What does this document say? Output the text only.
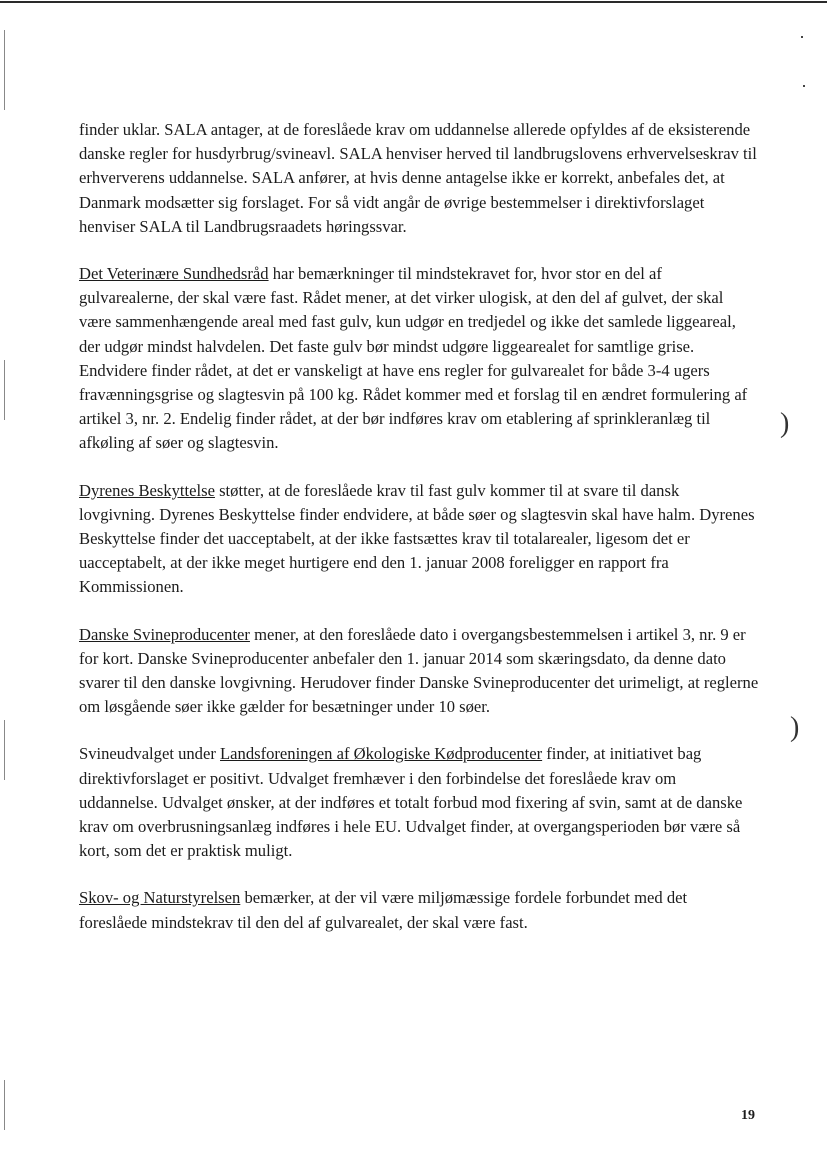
)
)

finder uklar. SALA antager, at de foreslåede krav om uddannelse allerede opfyldes af de eksisterende danske regler for husdyrbrug/svineavl. SALA henviser herved til landbrugslovens erhvervelseskrav til erhververens uddannelse. SALA anfører, at hvis denne antagelse ikke er korrekt, anbefales det, at Danmark modsætter sig forslaget. For så vidt angår de øvrige bestemmelser i direktivforslaget henviser SALA til Landbrugsraadets høringssvar.

Det Veterinære Sundhedsråd har bemærkninger til mindstekravet for, hvor stor en del af gulvarealerne, der skal være fast. Rådet mener, at det virker ulogisk, at den del af gulvet, der skal være sammenhængende areal med fast gulv, kun udgør en tredjedel og ikke det samlede liggeareal, der udgør mindst halvdelen. Det faste gulv bør mindst udgøre liggearealet for samtlige grise. Endvidere finder rådet, at det er vanskeligt at have ens regler for gulvarealet for både 3-4 ugers fravænningsgrise og slagtesvin på 100 kg. Rådet kommer med et forslag til en ændret formulering af artikel 3, nr. 2. Endelig finder rådet, at der bør indføres krav om etablering af sprinkleranlæg til afkøling af søer og slagtesvin.

Dyrenes Beskyttelse støtter, at de foreslåede krav til fast gulv kommer til at svare til dansk lovgivning. Dyrenes Beskyttelse finder endvidere, at både søer og slagtesvin skal have halm. Dyrenes Beskyttelse finder det uacceptabelt, at der ikke fastsættes krav til totalarealer, ligesom det er uacceptabelt, at der ikke meget hurtigere end den 1. januar 2008 foreligger en rapport fra Kommissionen.

Danske Svineproducenter mener, at den foreslåede dato i overgangsbestemmelsen i artikel 3, nr. 9 er for kort. Danske Svineproducenter anbefaler den 1. januar 2014 som skæringsdato, da denne dato svarer til den danske lovgivning. Herudover finder Danske Svineproducenter det urimeligt, at reglerne om løsgående søer ikke gælder for besætninger under 10 søer.

Svineudvalget under Landsforeningen af Økologiske Kødproducenter finder, at initiativet bag direktivforslaget er positivt. Udvalget fremhæver i den forbindelse det foreslåede krav om uddannelse. Udvalget ønsker, at der indføres et totalt forbud mod fixering af svin, samt at de danske krav om overbrusningsanlæg indføres i hele EU. Udvalget finder, at overgangsperioden bør være så kort, som det er praktisk muligt.

Skov- og Naturstyrelsen bemærker, at der vil være miljømæssige fordele forbundet med det foreslåede mindstekrav til den del af gulvarealet, der skal være fast.

19
